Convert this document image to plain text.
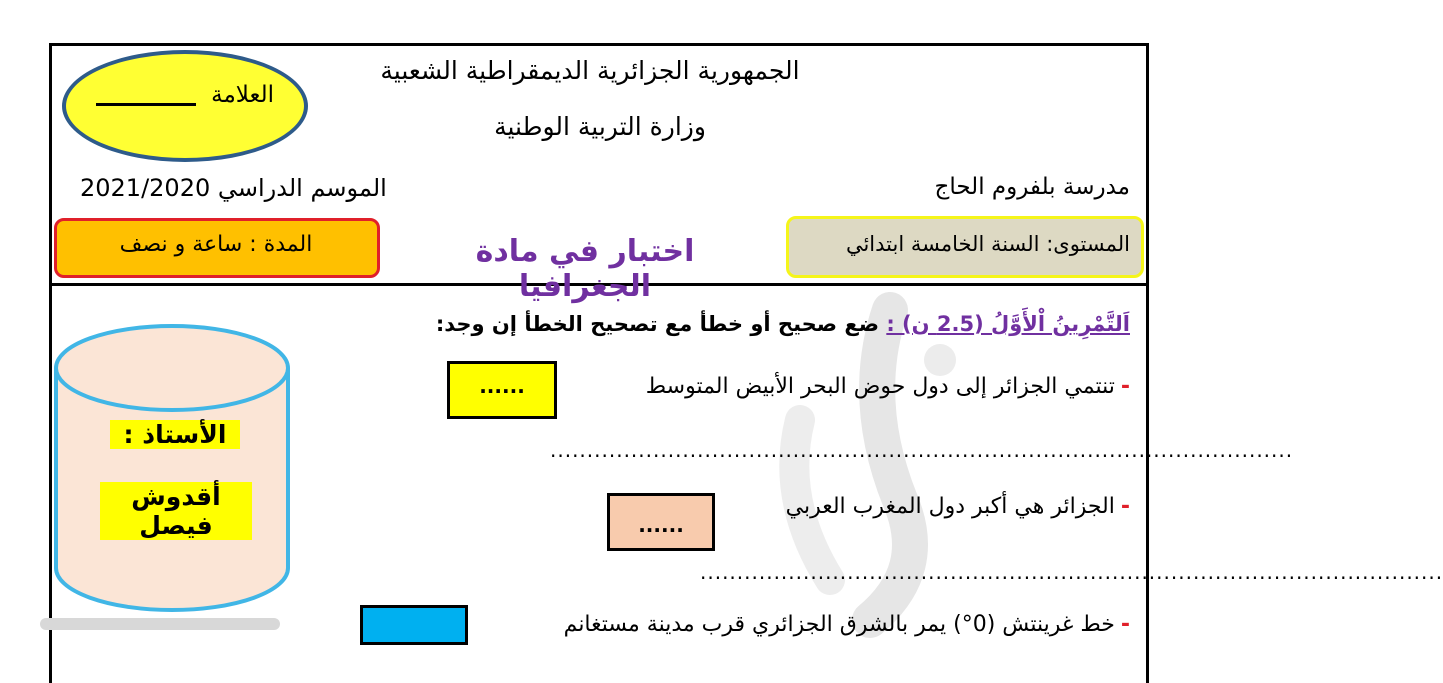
العلامة
الجمهورية الجزائرية الديمقراطية الشعبية
وزارة التربية الوطنية
مدرسة بلفروم الحاج
الموسم الدراسي 2021/2020
المدة : ساعة و نصف	اختبار في مادة الجغرافيا
المستوى: السنة الخامسة ابتدائي
الأستاذ :
أقدوش فيصل
اَلتَّمْرِينُ اْلأَوَّلُ (2.5 ن) : ضع صحيح أو خطأ مع تصحيح الخطأ إن وجد:
-تنتمي الجزائر إلى دول حوض البحر الأبيض المتوسط
......
.....................................................................................................
-الجزائر هي أكبر دول المغرب العربي
......
.....................................................................................................
-خط غرينتش (0°) يمر بالشرق الجزائري قرب مدينة مستغانم
